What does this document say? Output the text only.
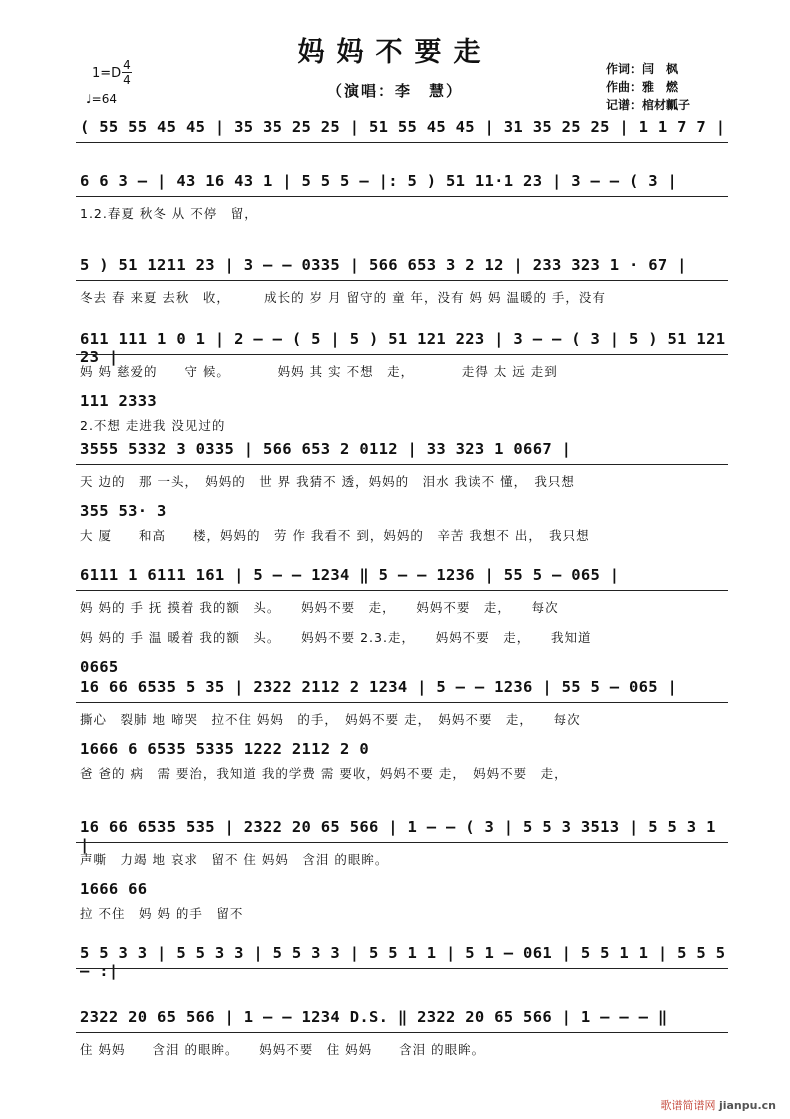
妈妈不要走
（演唱：李　慧）
作词：闫　枫
作曲：雅　燃
记谱：棺材瓤子
1=D
4
4
♩=64
( 55 55 45 45 | 35 35 25 25 | 51 55 45 45 | 31 35 25 25 | 1 1 7 7 |
6 6 3 – | 43 16 43 1 | 5 5 5 – |: 5 ) 51 11·1 23 | 3 – – ( 3 |
1.2.春夏 秋冬 从 不停　留，
5 ) 51 1211 23 | 3 – – 0335 | 566 653 3 2 12 | 233 323 1 · 67 |
冬去 春 来夏 去秋　收，　　　成长的 岁 月 留守的 童 年，没有 妈 妈 温暖的 手，没有
611 111 1 0 1 | 2 – – ( 5 | 5 ) 51 121 223 | 3 – – ( 3 | 5 ) 51 121 23 |
妈 妈 慈爱的　　守 候。　　　　妈妈 其 实 不想　走，　　　　走得 太 远 走到
111 2333
2.不想 走进我 没见过的
3555 5332 3 0335 | 566 653 2 0112 | 33 323 1 0667 |
天 边的　那 一头，　妈妈的　世 界 我猜不 透，妈妈的　泪水 我读不 懂，　我只想
355 53· 3
大 厦　　和高　　楼，妈妈的　劳 作 我看不 到，妈妈的　辛苦 我想不 出，　我只想
6111 1 6111 161 | 5 – – 1234 ‖ 5 – – 1236 | 55 5 – 065 |
妈 妈的 手 抚 摸着 我的额　头。　　妈妈不要　走，　　妈妈不要　走，　　每次
妈 妈的 手 温 暖着 我的额　头。　　妈妈不要 2.3.走，　　妈妈不要　走，　　我知道
0665
16 66 6535 5 35 | 2322 2112 2 1234 | 5 – – 1236 | 55 5 – 065 |
撕心　裂肺 地 啼哭　拉不住 妈妈　的手，　妈妈不要 走，　妈妈不要　走，　　每次
1666 6 6535 5335 1222 2112 2 0
爸 爸的 病　需 要治，我知道 我的学费 需 要收，妈妈不要 走，　妈妈不要　走，
16 66 6535 535 | 2322 20 65 566 | 1 – – ( 3 | 5 5 3 3513 | 5 5 3 1 |
声嘶　力竭 地 哀求　留不 住 妈妈　含泪 的眼眸。
1666 66
拉 不住　妈 妈 的手　留不
5 5 3 3 | 5 5 3 3 | 5 5 3 3 | 5 5 1 1 | 5 1 – 061 | 5 5 1 1 | 5 5 5 – :|
2322 20 65 566 | 1 – – 1234 D.S. ‖ 2322 20 65 566 | 1 – – – ‖
住 妈妈　　含泪 的眼眸。　　妈妈不要　住 妈妈　　含泪 的眼眸。
歌谱简谱网 jianpu.cn
